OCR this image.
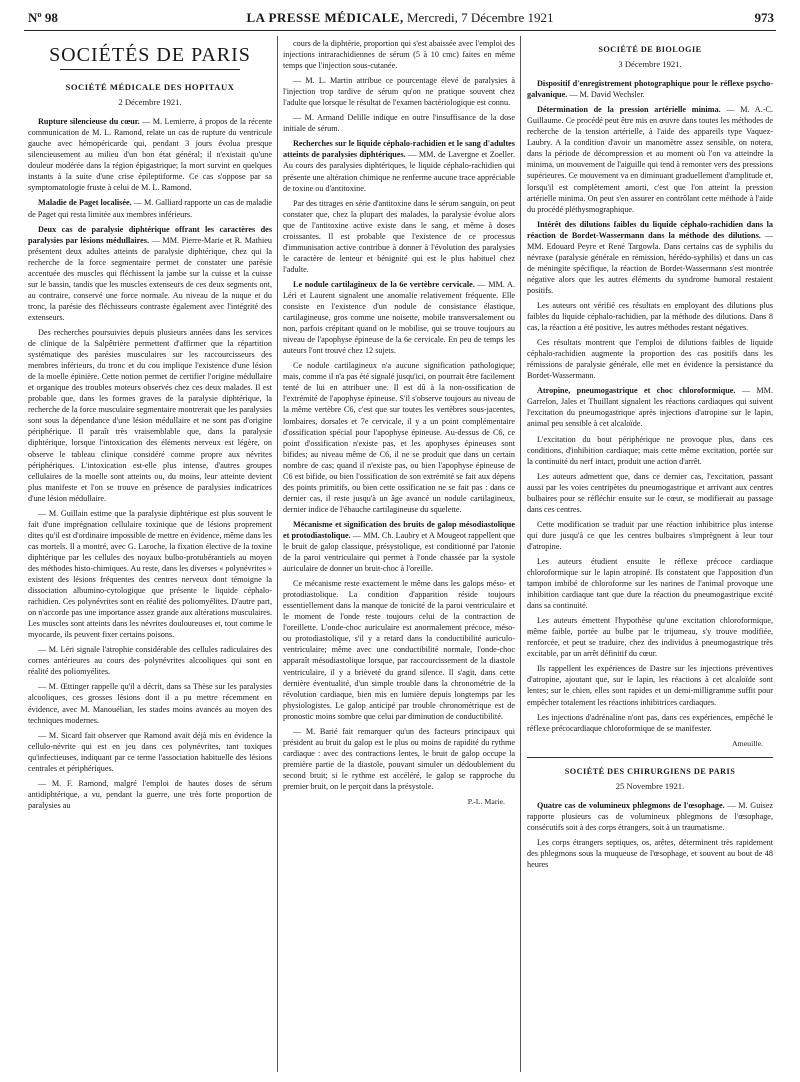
Nº 98	LA PRESSE MÉDICALE, Mercredi, 7 Décembre 1921	973
SOCIÉTÉS DE PARIS
SOCIÉTÉ MÉDICALE DES HOPITAUX
2 Décembre 1921.

Rupture silencieuse du cœur. — M. Lemierre, à propos de la récente communication de M. L. Ramond, relate un cas de rupture du ventricule gauche avec hémopéricarde qui, pendant 3 jours évolua presque silencieusement au milieu d'un bon état général; il n'existait qu'une douleur modérée dans la région épigastrique; la mort survint en quelques instants à la suite d'une crise épileptiforme. Ce cas s'oppose par sa symptomatologie fruste à celui de M. L. Ramond.

Maladie de Paget localisée. — M. Galliard rapporte un cas de maladie de Paget qui resta limitée aux membres inférieurs.

Deux cas de paralysie diphtérique offrant les caractères des paralysies par lésions médullaires. — MM. Pierre-Marie et R. Mathieu présentent deux adultes atteints de paralysie diphtérique, chez qui la recherche de la force segmentaire permet de constater une parésie accentuée des muscles qui fléchissent la jambe sur la cuisse et la cuisse sur le bassin, tandis que les muscles extenseurs de ces deux segments ont, au contraire, conservé une force normale. Au niveau de la nuque et du tronc, la parésie des fléchisseurs contraste également avec l'intégrité des extenseurs.

Des recherches poursuivies depuis plusieurs années dans les services de clinique de la Salpêtrière permettent d'affirmer que la répartition systématique des parésies musculaires sur les raccourcisseurs des membres inférieurs, du tronc et du cou implique l'existence d'une lésion de la moelle épinière. Cette notion permet de certifier l'origine médullaire et organique des troubles moteurs observés chez ces deux malades. Il est probable que, dans les formes graves de la paralysie diphtérique, la recherche de la force musculaire segmentaire montrerait que les paralysies sont sous la dépendance d'une lésion médullaire et ne sont pas d'origine périphérique. Il paraît très vraisemblable que, dans la paralysie diphtérique, lorsque l'intoxication des éléments nerveux est légère, on observe le tableau clinique considéré comme propre aux névrites périphériques. L'intoxication est-elle plus intense, d'autres groupes cellulaires de la moelle sont atteints ou, du moins, leur atteinte devient plus manifeste et l'on se trouve en présence de paralysies indicatrices d'une lésion médullaire.

— M. Guillain estime que la paralysie diphtérique est plus souvent le fait d'une imprégnation cellulaire toxinique que de lésions proprement dites qu'il est d'ordinaire impossible de mettre en évidence, même dans les cas mortels. Il a montré, avec G. Laroche, la fixation élective de la toxine diphtérique par les cellules des noyaux bulbo-protubérantiels au moyen des méthodes histo-chimiques. Au reste, dans les diverses « polynévrites » existent des lésions fréquentes des centres nerveux dont témoigne la dissociation albumino-cytologique que présente le liquide céphalo-rachidien. Ces polynévrites sont en réalité des poliomyélites. D'autre part, on n'accorde pas une importance assez grande aux altérations musculaires. Les muscles sont atteints dans les névrites douloureuses et, tout comme le myocarde, ils peuvent fixer certains poisons.

— M. Léri signale l'atrophie considérable des cellules radiculaires des cornes antérieures au cours des polynévrites alcooliques qui sont en réalité des poliomyélites.

— M. Œttinger rappelle qu'il a décrit, dans sa Thèse sur les paralysies alcooliques, ces grosses lésions dont il a pu mettre récemment en évidence, avec M. Manouélian, les stades moins avancés au moyen des techniques modernes.

— M. Sicard fait observer que Ramond avait déjà mis en évidence la cellulo-névrite qui est en jeu dans ces polynévrites, tant toxiques qu'infectieuses, indiquant par ce terme l'association habituelle des lésions centrales et périphériques.

— M. F. Ramond, malgré l'emploi de hautes doses de sérum antidiphtérique, a vu, pendant la guerre, une très forte proportion de paralysies au

cours de la diphtérie, proportion qui s'est abaissée avec l'emploi des injections intrarachidiennes de sérum (5 à 10 cmc) faites en même temps que l'injection sous-cutanée.

— M. L. Martin attribue ce pourcentage élevé de paralysies à l'injection trop tardive de sérum qu'on ne pratique souvent chez l'adulte que lorsque le résultat de l'examen bactériologique est connu.

— M. Armand Delille indique en outre l'insuffisance de la dose initiale de sérum.

Recherches sur le liquide céphalo-rachidien et le sang d'adultes atteints de paralysies diphtériques. — MM. de Lavergne et Zoeller. Au cours des paralysies diphtériques, le liquide céphalo-rachidien qui présente une altération chimique ne renferme aucune trace appréciable de toxine ou d'antitoxine.

Par des titrages en série d'antitoxine dans le sérum sanguin, on peut constater que, chez la plupart des malades, la paralysie évolue alors que de l'antitoxine active existe dans le sang, et même à doses croissantes. Il est probable que l'existence de ce processus d'immunisation active contribue à donner à l'évolution des paralysies le caractère de lenteur et bénignité qui est le plus habituel chez l'adulte.

Le nodule cartilagineux de la 6e vertèbre cervicale. — MM. A. Léri et Laurent signalent une anomalie relativement fréquente. Elle consiste en l'existence d'un nodule de consistance élastique, cartilagineuse, gros comme une noisette, mobile transversalement ou non, parfois crépitant quand on le mobilise, qui se trouve toujours au niveau de l'apophyse épineuse de la 6e cervicale. En peu de temps les auteurs l'ont trouvé chez 12 sujets.

Ce nodule cartilagineux n'a aucune signification pathologique; mais, comme il n'a pas été signalé jusqu'ici, on pourrait être facilement tenté de lui en attribuer une. Il est dû à la non-ossification de l'extrémité de l'apophyse épineuse. S'il s'observe toujours au niveau de la même vertèbre C6, c'est que sur toutes les vertèbres sous-jacentes, lombaires, dorsales et 7e cervicale, il y a un point complémentaire d'ossification spécial pour l'apophyse épineuse. Au-dessus de C6, ce point d'ossification n'existe pas, et les apophyses épineuses sont bifides; au niveau même de C6, il ne se produit que dans un certain nombre de cas; quand il n'existe pas, ou bien l'apophyse épineuse de C6 est bifide, ou bien l'ossification de son extrémité se fait aux dépens des points primitifs, ou bien cette ossification ne se fait pas : dans ce dernier cas, il reste jusqu'à un âge avancé un nodule cartilagineux, dernier indice de l'ébauche cartilagineuse du squelette.

Mécanisme et signification des bruits de galop mésodiastolique et protodiastolique. — MM. Ch. Laubry et A Mougeot rappellent que le bruit de galop classique, présystolique, est conditionné par l'atonie de la paroi ventriculaire qui permet à l'onde chassée par la systole auriculaire de donner un bruit-choc à l'oreille.

Ce mécanisme reste exactement le même dans les galops méso- et protodiastolique. La condition d'apparition réside toujours essentiellement dans la manque de tonicité de la paroi ventriculaire et le moment de l'onde reste toujours celui de la contraction de l'oreillette. L'onde-choc auriculaire est anormalement précoce, méso-ou protodiastolique, s'il y a retard dans la conductibilité auriculo-ventriculaire; même avec une conductibilité normale, l'onde-choc apparaît mésodiastolique lorsque, par raccourcissement de la diastole ventriculaire, il y a brièveté du grand silence. Il s'agit, dans cette dernière éventualité, d'un simple trouble dans la chronométrie de la révolution cardiaque, bien mis en lumière depuis longtemps par les physiologistes. Le galop anticipé par trouble chronométrique est de pronostic moins sombre que celui par diminution de conductibilité.

— M. Barié fait remarquer qu'un des facteurs principaux qui président au bruit du galop est le plus ou moins de rapidité du rythme cardiaque : avec des contractions lentes, le bruit de galop occupe la première partie de la diastole, pouvant simuler un dédoublement du second bruit; si le rythme est accéléré, le galop se rapproche du premier bruit, on le perçoit dans la présystole.

P.-L. Marie.
SOCIÉTÉ DE BIOLOGIE
3 Décembre 1921.

Dispositif d'enregistrement photographique pour le réflexe psycho-galvanique. — M. David Wechsler.

Détermination de la pression artérielle minima. — M. A.-C. Guillaume. Ce procédé peut être mis en œuvre dans toutes les méthodes de recherche de la tension artérielle, à l'aide des appareils type Vaquez-Laubry. A la condition d'avoir un manomètre assez sensible, on notera, dans la période de décompression et au moment où l'on va atteindre la minima, un mouvement de l'aiguille qui tend à remonter vers des pressions supérieures. Ce mouvement va en diminuant graduellement d'amplitude et, lorsqu'il est complètement amorti, c'est que l'on atteint la pression artérielle minima. On peut s'en assurer en contrôlant cette méthode à l'aide du procédé pléthysmographique.

Intérêt des dilutions faibles du liquide céphalo-rachidien dans la réaction de Bordet-Wassermann dans la méthode des dilutions. — MM. Edouard Peyre et René Targowla. Dans certains cas de syphilis du névraxe (paralysie générale en rémission, hérédo-syphilis) et dans un cas de méningite spécifique, la réaction de Bordet-Wassermann s'est montrée négative alors que les autres éléments du syndrome humoral restaient positifs.

Les auteurs ont vérifié ces résultats en employant des dilutions plus faibles du liquide céphalo-rachidien, par la méthode des dilutions. Dans 8 cas, la réaction a été positive, les autres méthodes restant négatives.

Ces résultats montrent que l'emploi de dilutions faibles de liquide céphalo-rachidien augmente la proportion des cas positifs dans les rémissions de paralysie générale, elle met en évidence la persistance du Bordet-Wassermann.

Atropine, pneumogastrique et choc chloroformique. — MM. Garrelon, Jales et Thuillant signalent les réactions cardiaques qui suivent l'excitation du pneumogastrique après injections d'atropine sur le lapin, animal peu sensible à cet alcaloïde.

L'excitation du bout périphérique ne provoque plus, dans ces conditions, d'inhibition cardiaque; mais cette même excitation, portée sur la continuité du nerf intact, produit une action d'arrêt.

Les auteurs admettent que, dans ce dernier cas, l'excitation, passant aussi par les voies centripètes du pneumogastrique et arrivant aux centres bulbaires pour se réfléchir ensuite sur le cœur, se modifierait au passage dans ces centres.

Cette modification se traduit par une réaction inhibitrice plus intense qui dure jusqu'à ce que les centres bulbaires s'imprègnent à leur tour d'atropine.

Les auteurs étudient ensuite le réflexe précoce cardiaque chloroformique sur le lapin atropiné. Ils constatent que l'apposition d'un tampon imbibé de chloroforme sur les narines de l'animal provoque une inhibition cardiaque tant que dure la réaction du pneumogastrique excité dans sa continuité.

Les auteurs émettent l'hypothèse qu'une excitation chloroformique, même faible, portée au bulbe par le trijumeau, s'y trouve modifiée, renforcée, et peut se traduire, chez des individus à pneumogastrique très excitable, par un arrêt définitif du cœur.

Ils rappellent les expériences de Dastre sur les injections préventives d'atropine, ajoutant que, sur le lapin, les réactions à cet alcaloïde sont lentes; sur le chien, elles sont rapides et un demi-milligramme suffit pour empêcher totalement les réactions inhibitrices cardiaques.

Les injections d'adrénaline n'ont pas, dans ces expériences, empêché le réflexe précocardiaque chloroformique de se manifester.

Ameuille.
SOCIÉTÉ DES CHIRURGIENS DE PARIS
25 Novembre 1921.

Quatre cas de volumineux phlegmons de l'œsophage. — M. Guisez rapporte plusieurs cas de volumineux phlegmons de l'œsophage, consécutifs soit à des corps étrangers, soit à un traumatisme.

Les corps étrangers septiques, os, arêtes, déterminent très rapidement des phlegmons sous la muqueuse de l'œsophage, et souvent au bout de 48 heures
